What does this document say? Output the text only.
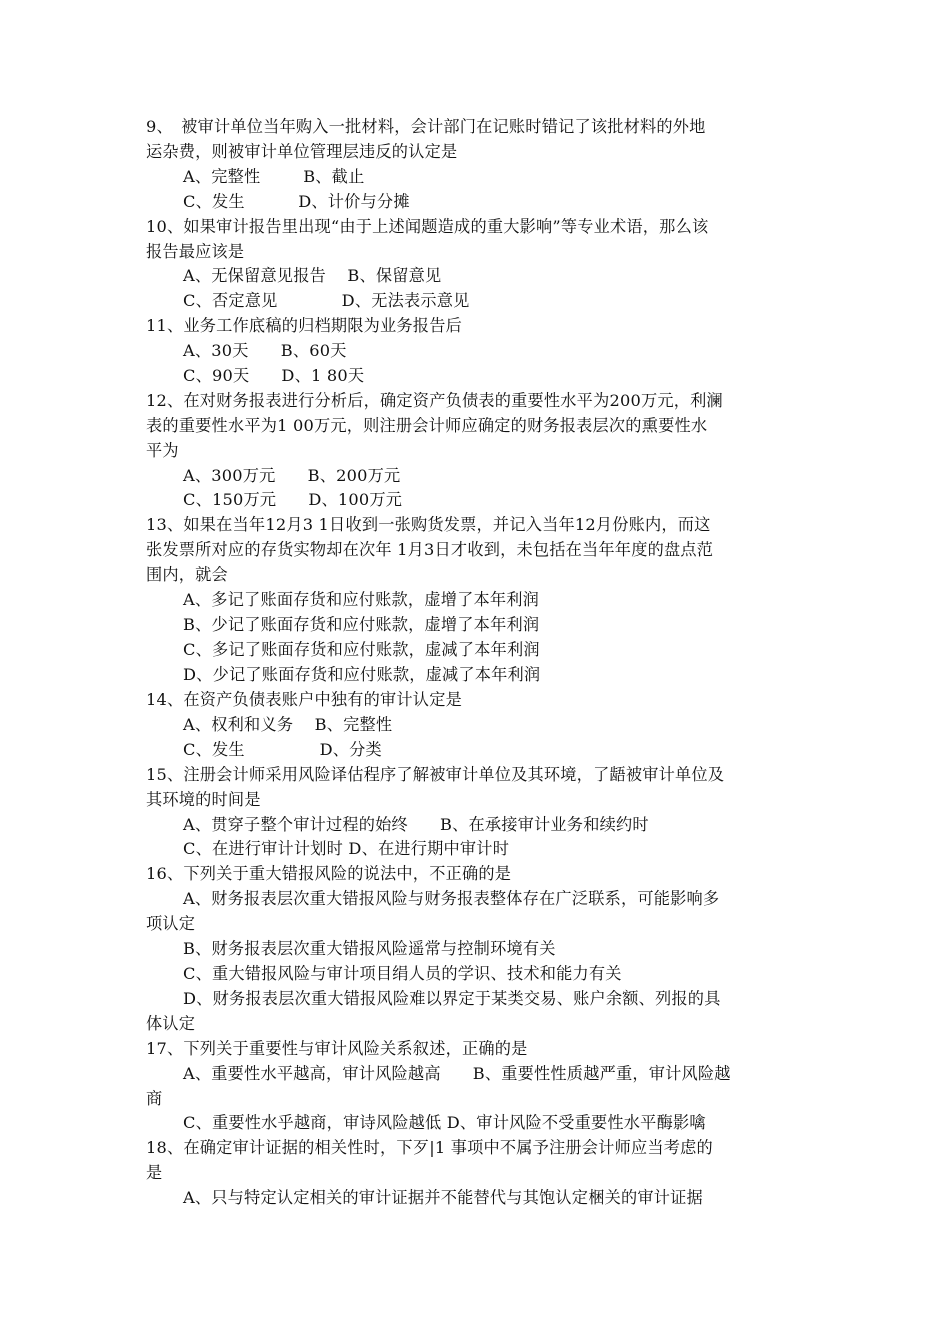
9、　被审计单位当年购入一批材料，会计部门在记账时错记了该批材料的外地
运杂费，则被审计单位管理层违反的认定是
A、完整性        B、截止
C、发生          D、计价与分摊
10、如果审计报告里出现“由于上述闻题造成的重大影响”等专业术语，那么该
报告最应该是
A、无保留意见报告    B、保留意见
C、否定意见            D、无法表示意见
11、业务工作底稿的归档期限为业务报告后
A、30天      B、60天
C、90天      D、1 80天
12、在对财务报表进行分析后，确定资产负债表的重要性水平为200万元，利澜
表的重要性水平为1 00万元，则注册会计师应确定的财务报表层次的熏要性水
平为
A、300万元      B、200万元
C、150万元      D、100万元
13、如果在当年12月3 1日收到一张购货发票，并记入当年12月份账内，而这
张发票所对应的存货实物却在次年 1月3日才收到，未包括在当年年度的盘点范
围内，就会
A、多记了账面存货和应付账款，虚增了本年利润
B、少记了账面存货和应付账款，虚增了本年利润
C、多记了账面存货和应付账款，虚减了本年利润
D、少记了账面存货和应付账款，虚减了本年利润
14、在资产负债表账户中独有的审计认定是
A、权利和义务    B、完整性
C、发生              D、分类
15、注册会计师采用风险译估程序了解被审计单位及其环境，了龉被审计单位及
其环境的时间是
A、贯穿子整个审计过程的始终      B、在承接审计业务和续约时
C、在进行审计计划时 D、在进行期中审计时
16、下列关于重大错报风险的说法中，不正确的是
A、财务报表层次重大错报风险与财务报表整体存在广泛联系，可能影响多
项认定
B、财务报表层次重大错报风险遥常与控制环境有关
C、重大错报风险与审计项目绢人员的学识、技术和能力有关
D、财务报表层次重大错报风险难以界定于某类交易、账户余额、列报的具
体认定
17、下列关于重要性与审计风险关系叙述，正确的是
A、重要性水平越高，审计风险越高      B、重要性性质越严重，审计风险越
商
C、重要性水乎越商，审诗风险越低 D、审计风险不受重要性水平酶影噙
18、在确定审计证据的相关性时，下歹|1 事项中不属予注册会计师应当考虑的
是
A、只与特定认定相关的审计证据并不能替代与其饱认定梱关的审计证据
